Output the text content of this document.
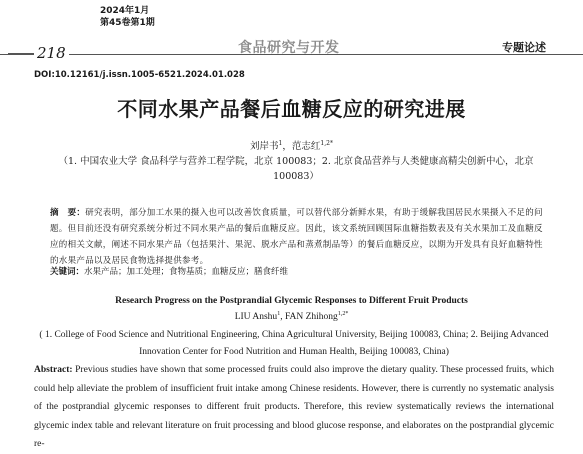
2024年1月
第45卷第1期
218	食品研究与开发	专题论述
DOI:10.12161/j.issn.1005-6521.2024.01.028
不同水果产品餐后血糖反应的研究进展
刘岸书$^1$，范志红$^{1,2*}$
（1. 中国农业大学 食品科学与营养工程学院，北京 100083；2. 北京食品营养与人类健康高精尖创新中心，北京 100083）
摘　要：研究表明，部分加工水果的摄入也可以改善饮食质量，可以替代部分新鲜水果，有助于缓解我国居民水果摄入不足的问题。但目前还没有研究系统分析过不同水果产品的餐后血糖反应。因此，该文系统回顾国际血糖指数表及有关水果加工及血糖反应的相关文献，阐述不同水果产品（包括果汁、果泥、脱水产品和蒸煮制品等）的餐后血糖反应，以期为开发具有良好血糖特性的水果产品以及居民食物选择提供参考。
关键词：水果产品；加工处理；食物基质；血糖反应；膳食纤维
Research Progress on the Postprandial Glycemic Responses to Different Fruit Products
LIU Anshu$^1$, FAN Zhihong$^{1,2*}$
( 1. College of Food Science and Nutritional Engineering, China Agricultural University, Beijing 100083, China; 2. Beijing Advanced Innovation Center for Food Nutrition and Human Health, Beijing 100083, China)
Abstract: Previous studies have shown that some processed fruits could also improve the dietary quality. These processed fruits, which could help alleviate the problem of insufficient fruit intake among Chinese residents. However, there is currently no systematic analysis of the postprandial glycemic responses to different fruit products. Therefore, this review systematically reviews the international glycemic index table and relevant literature on fruit processing and blood glucose response, and elaborates on the postprandial glycemic re-
